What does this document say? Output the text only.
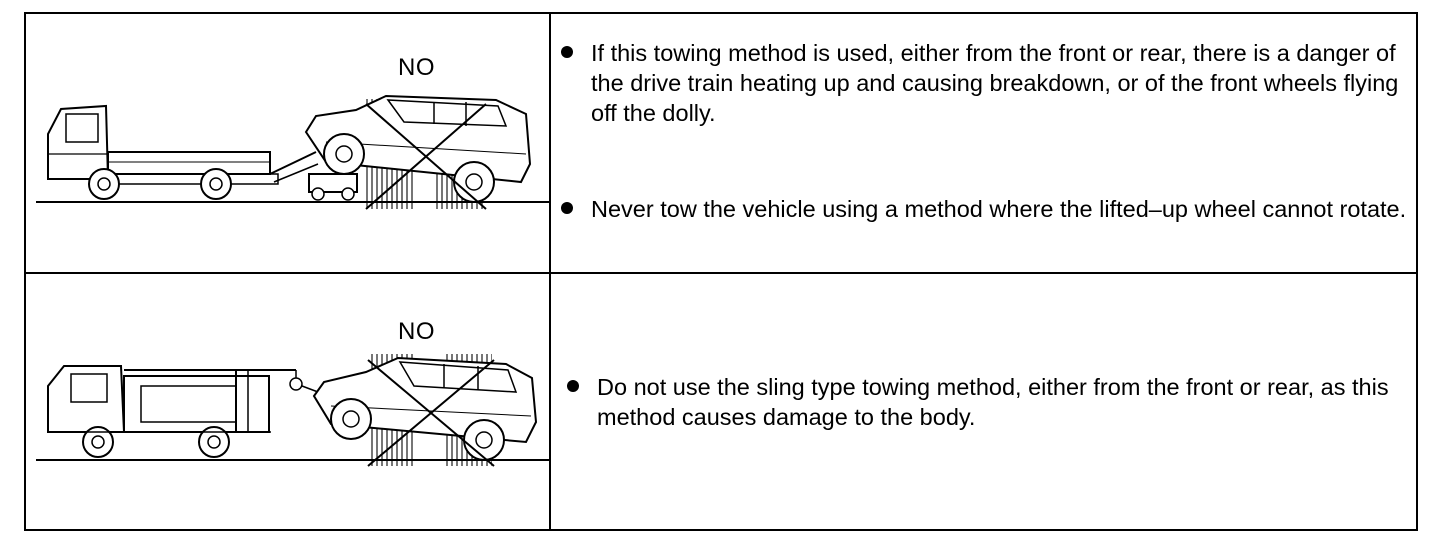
NO
If this towing method is used, either from the front or rear, there is a danger of the drive train heating up and causing breakdown, or of the front wheels flying off the dolly.
Never tow the vehicle using a method where the lifted–up wheel cannot rotate.
NO
Do not use the sling type towing method, either from the front or rear, as this method causes damage to the body.
